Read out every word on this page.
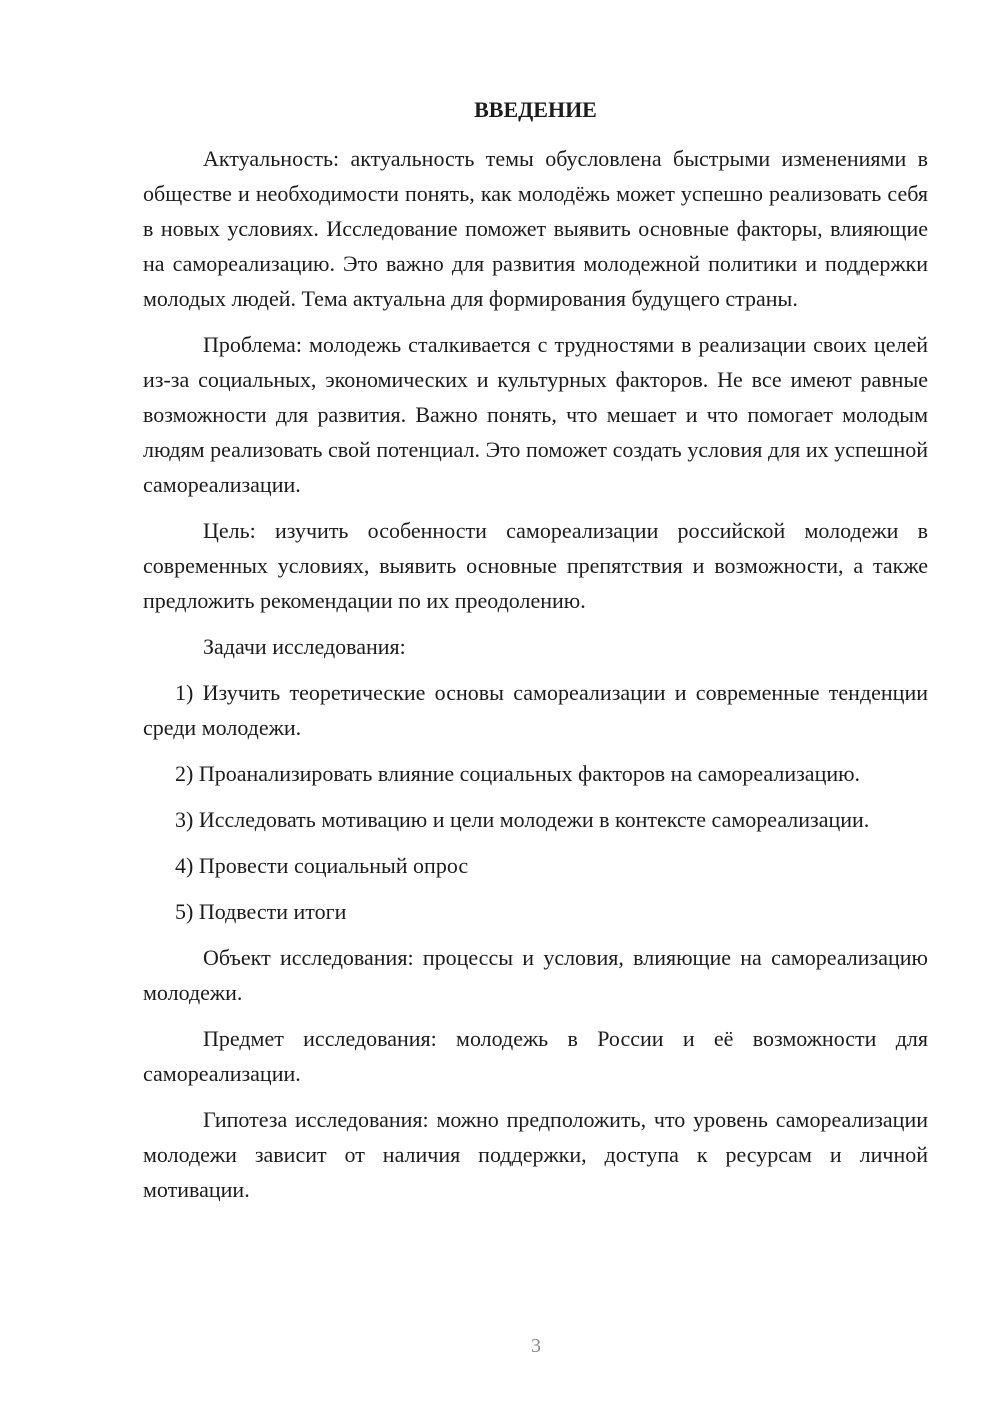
ВВЕДЕНИЕ

Актуальность: актуальность темы обусловлена быстрыми изменениями в обществе и необходимости понять, как молодёжь может успешно реализовать себя в новых условиях. Исследование поможет выявить основные факторы, влияющие на самореализацию. Это важно для развития молодежной политики и поддержки молодых людей. Тема актуальна для формирования будущего страны.

Проблема: молодежь сталкивается с трудностями в реализации своих целей из-за социальных, экономических и культурных факторов. Не все имеют равные возможности для развития. Важно понять, что мешает и что помогает молодым людям реализовать свой потенциал. Это поможет создать условия для их успешной самореализации.

Цель: изучить особенности самореализации российской молодежи в современных условиях, выявить основные препятствия и возможности, а также предложить рекомендации по их преодолению.

Задачи исследования:

1) Изучить теоретические основы самореализации и современные тенденции среди молодежи.

2) Проанализировать влияние социальных факторов на самореализацию.

3) Исследовать мотивацию и цели молодежи в контексте самореализации.

4) Провести социальный опрос

5) Подвести итоги

Объект исследования: процессы и условия, влияющие на самореализацию молодежи.

Предмет исследования: молодежь в России и её возможности для самореализации.

Гипотеза исследования: можно предположить, что уровень самореализации молодежи зависит от наличия поддержки, доступа к ресурсам и личной мотивации.

3
